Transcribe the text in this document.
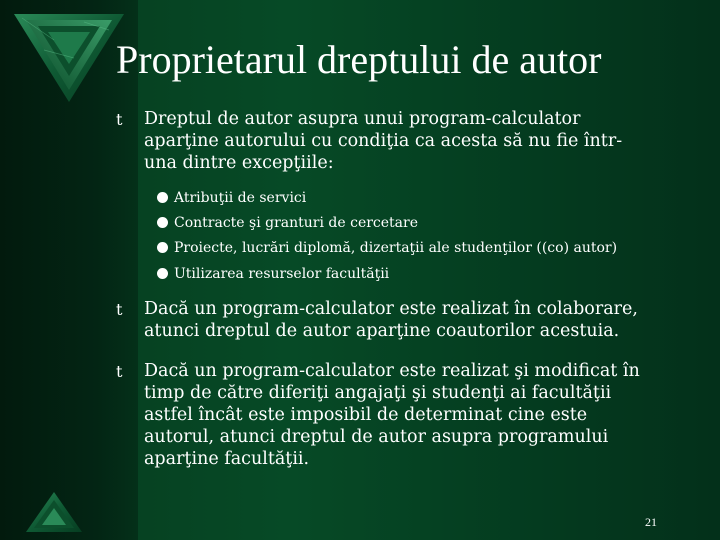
Proprietarul dreptului de autor
t Dreptul de autor asupra unui program-calculator
aparţine autorului cu condiţia ca acesta să nu fie într-
una dintre excepţiile:
Atribuţii de servici
Contracte şi granturi de cercetare
Proiecte, lucrări diplomă, dizertaţii ale studenţilor ((co) autor)
Utilizarea resurselor facultăţii
t Dacă un program-calculator este realizat în colaborare,
atunci dreptul de autor aparţine coautorilor acestuia.
t Dacă un program-calculator este realizat şi modificat în
timp de către diferiţi angajaţi şi studenţi ai facultăţii
astfel încât este imposibil de determinat cine este
autorul, atunci dreptul de autor asupra programului
aparţine facultăţii.
21
